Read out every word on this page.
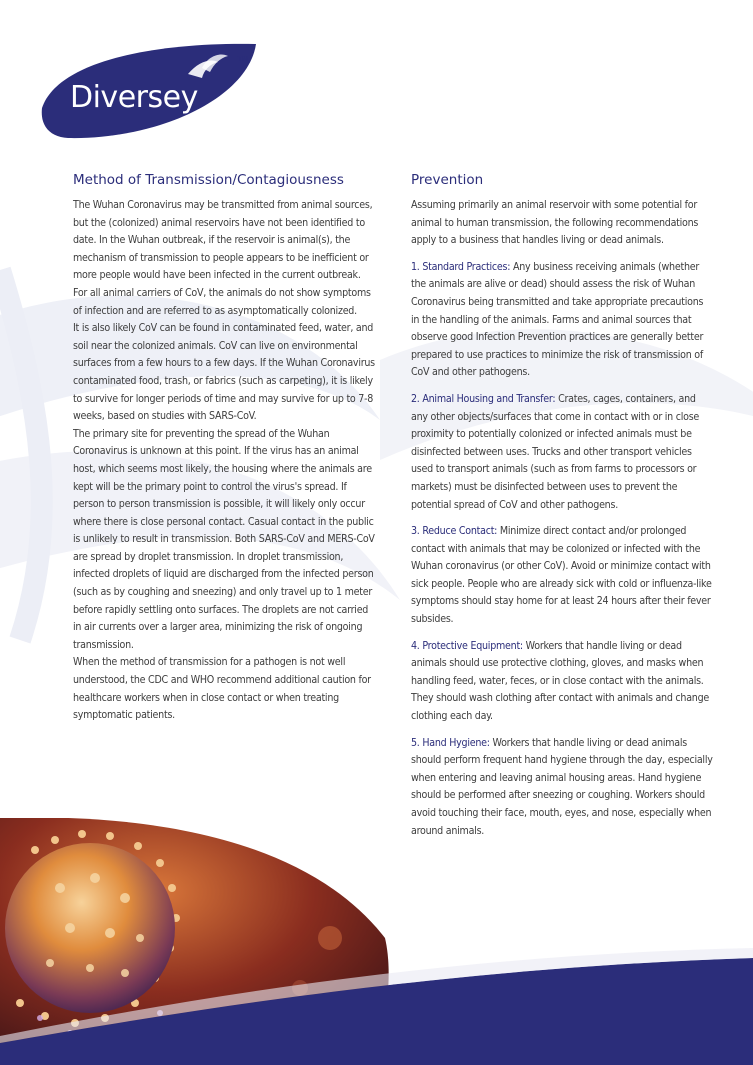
Diversey
TM
Method of Transmission/Contagiousness

The Wuhan Coronavirus may be transmitted from animal sources, but the (colonized) animal reservoirs have not been identified to date. In the Wuhan outbreak, if the reservoir is animal(s), the mechanism of transmission to people appears to be inefficient or more people would have been infected in the current outbreak. For all animal carriers of CoV, the animals do not show symptoms of infection and are referred to as asymptomatically colonized.

It is also likely CoV can be found in contaminated feed, water, and soil near the colonized animals. CoV can live on environmental surfaces from a few hours to a few days. If the Wuhan Coronavirus contaminated food, trash, or fabrics (such as carpeting), it is likely to survive for longer periods of time and may survive for up to 7-8 weeks, based on studies with SARS-CoV.

The primary site for preventing the spread of the Wuhan Coronavirus is unknown at this point. If the virus has an animal host, which seems most likely, the housing where the animals are kept will be the primary point to control the virus's spread. If person to person transmission is possible, it will likely only occur where there is close personal contact. Casual contact in the public is unlikely to result in transmission. Both SARS-CoV and MERS-CoV are spread by droplet transmission. In droplet transmission, infected droplets of liquid are discharged from the infected person (such as by coughing and sneezing) and only travel up to 1 meter before rapidly settling onto surfaces. The droplets are not carried in air currents over a larger area, minimizing the risk of ongoing transmission.

When the method of transmission for a pathogen is not well understood, the CDC and WHO recommend additional caution for healthcare workers when in close contact or when treating symptomatic patients.

Prevention

Assuming primarily an animal reservoir with some potential for animal to human transmission, the following recommendations apply to a business that handles living or dead animals.

1. Standard Practices: Any business receiving animals (whether the animals are alive or dead) should assess the risk of Wuhan Coronavirus being transmitted and take appropriate precautions in the handling of the animals. Farms and animal sources that observe good Infection Prevention practices are generally better prepared to use practices to minimize the risk of transmission of CoV and other pathogens.

2. Animal Housing and Transfer: Crates, cages, containers, and any other objects/surfaces that come in contact with or in close proximity to potentially colonized or infected animals must be disinfected between uses. Trucks and other transport vehicles used to transport animals (such as from farms to processors or markets) must be disinfected between uses to prevent the potential spread of CoV and other pathogens.

3. Reduce Contact: Minimize direct contact and/or prolonged contact with animals that may be colonized or infected with the Wuhan coronavirus (or other CoV). Avoid or minimize contact with sick people. People who are already sick with cold or influenza-like symptoms should stay home for at least 24 hours after their fever subsides.

4. Protective Equipment: Workers that handle living or dead animals should use protective clothing, gloves, and masks when handling feed, water, feces, or in close contact with the animals. They should wash clothing after contact with animals and change clothing each day.

5. Hand Hygiene: Workers that handle living or dead animals should perform frequent hand hygiene through the day, especially when entering and leaving animal housing areas. Hand hygiene should be performed after sneezing or coughing. Workers should avoid touching their face, mouth, eyes, and nose, especially when around animals.
